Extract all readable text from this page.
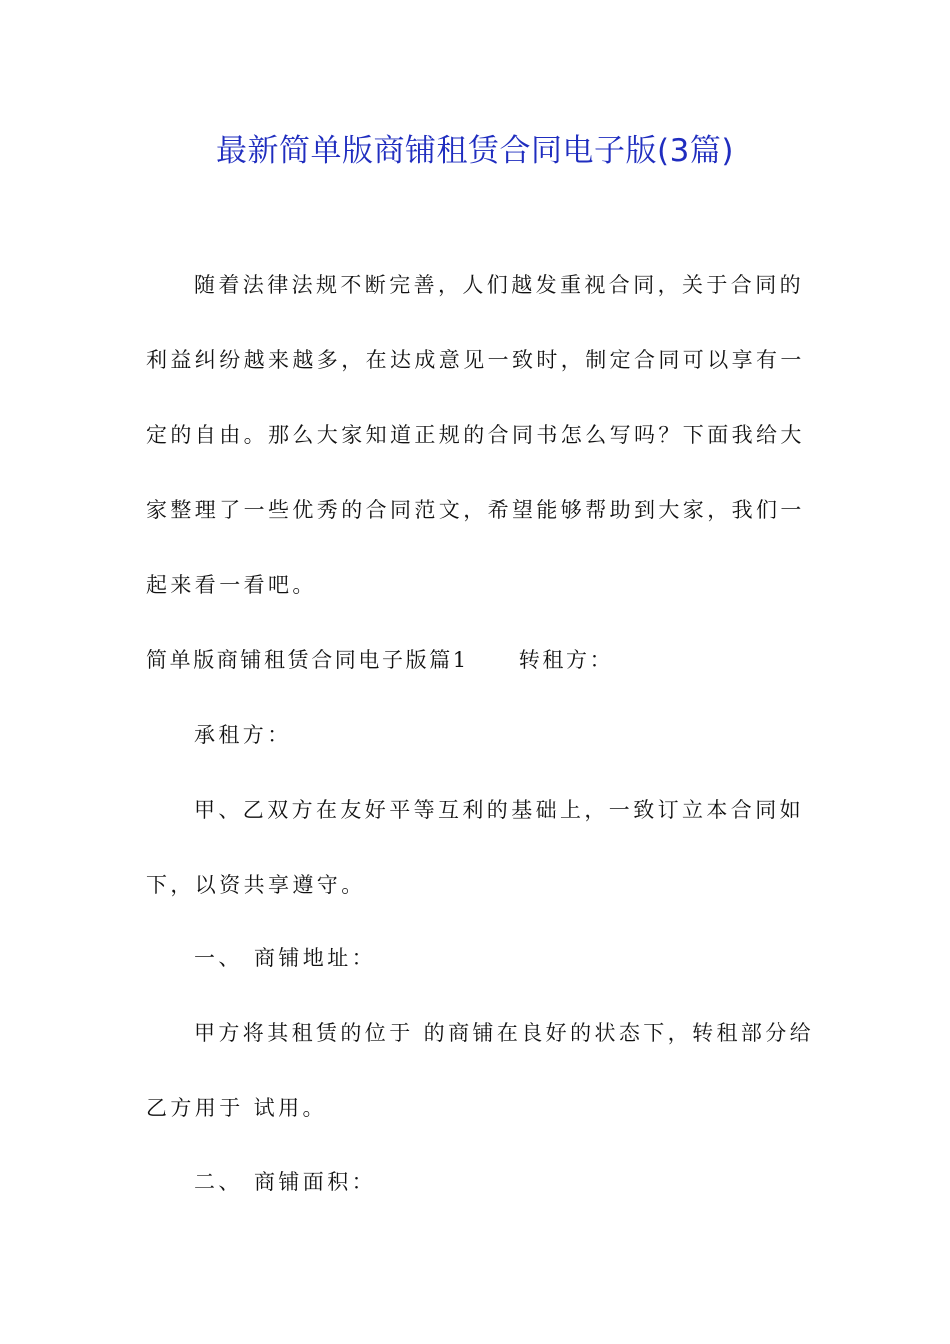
最新简单版商铺租赁合同电子版(3篇)
随着法律法规不断完善，人们越发重视合同，关于合同的
利益纠纷越来越多，在达成意见一致时，制定合同可以享有一
定的自由。那么大家知道正规的合同书怎么写吗？下面我给大
家整理了一些优秀的合同范文，希望能够帮助到大家，我们一
起来看一看吧。
简单版商铺租赁合同电子版篇1 转租方：
承租方：
甲、乙双方在友好平等互利的基础上，一致订立本合同如
下，以资共享遵守。
一、 商铺地址：
甲方将其租赁的位于 的商铺在良好的状态下，转租部分给
乙方用于 试用。
二、 商铺面积：
